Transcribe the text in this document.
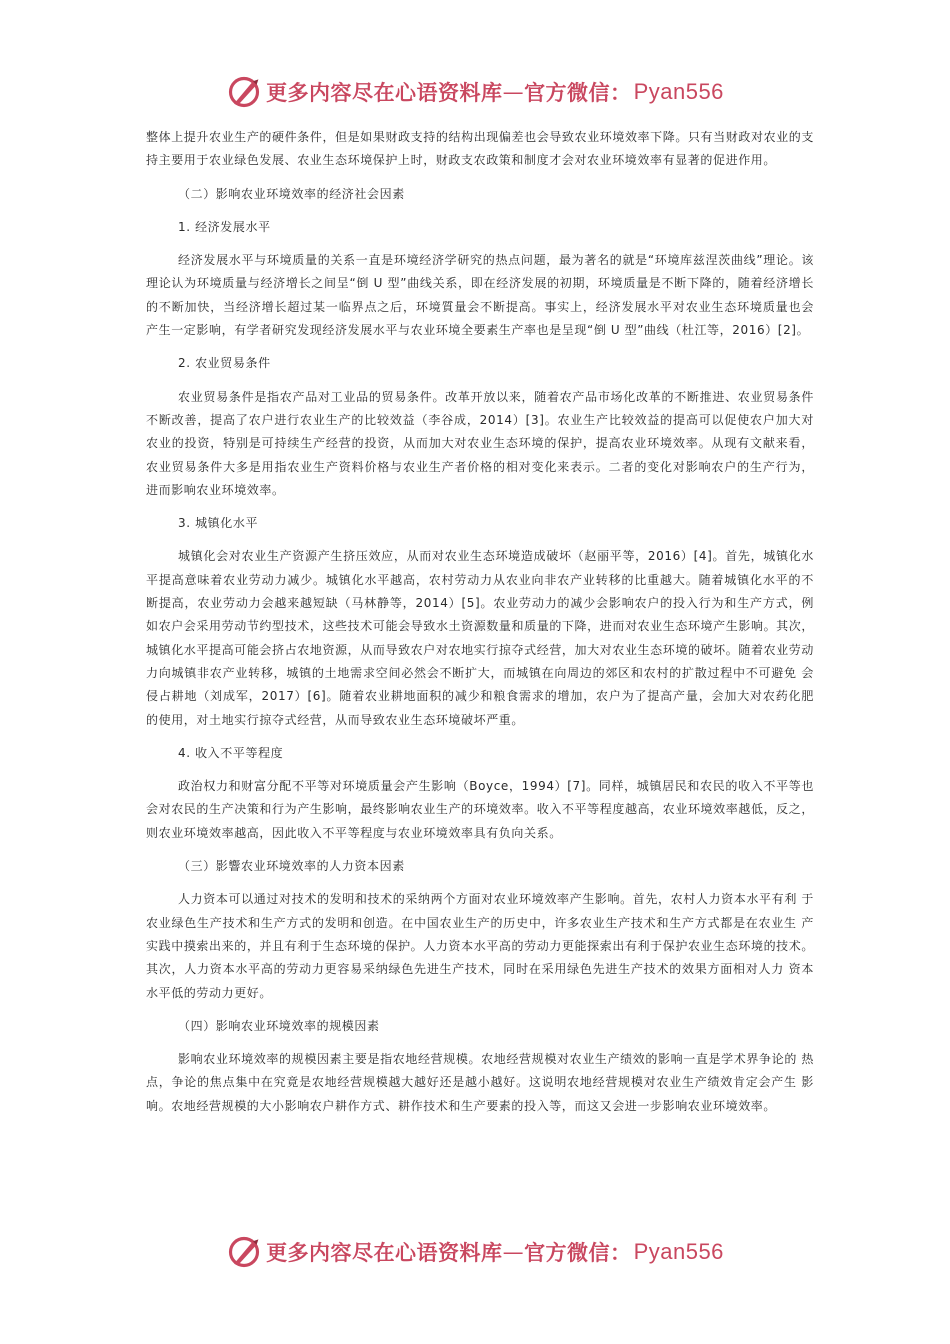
更多内容尽在心语资料库 — 官方微信： Pyan556

整体上提升农业生产的硬件条件，但是如果财政支持的结构出现偏差也会导致农业环境效率下降。只有当财政对农业的支持主要用于农业绿色发展、农业生态环境保护上时，财政支农政策和制度才会对农业环境效率有显著的促进作用。

（二）影响农业环境效率的经济社会因素

1. 经济发展水平

经济发展水平与环境质量的关系一直是环境经济学研究的热点问题，最为著名的就是“环境库兹涅茨曲线”理论。该理论认为环境质量与经济增长之间呈“倒 U 型”曲线关系，即在经济发展的初期，环境质量是不断下降的，随着经济增长的不断加快，当经济增长超过某一临界点之后，环境質量会不断提高。事实上，经济发展水平对农业生态环境质量也会 产生一定影响，有学者研究发现经济发展水平与农业环境全要素生产率也是呈现“倒 U 型”曲线（杜江等，2016）[2]。

2. 农业贸易条件

农业贸易条件是指农产品对工业品的贸易条件。改革开放以来，随着农产品市场化改革的不断推进、农业贸易条件不断改善，提高了农户进行农业生产的比较效益（李谷成，2014）[3]。农业生产比较效益的提高可以促使农户加大对农业的投资，特别是可持续生产经营的投资，从而加大对农业生态环境的保护，提高农业环境效率。从现有文献来看， 农业贸易条件大多是用指农业生产资料价格与农业生产者价格的相对变化来表示。二者的变化对影响农户的生产行为， 进而影响农业环境效率。

3. 城镇化水平

城镇化会对农业生产资源产生挤压效应，从而对农业生态环境造成破坏（赵丽平等，2016）[4]。首先，城镇化水平提高意味着农业劳动力减少。城镇化水平越高，农村劳动力从农业向非农产业转移的比重越大。随着城镇化水平的不 断提高，农业劳动力会越来越短缺（马林静等，2014）[5]。农业劳动力的减少会影响农户的投入行为和生产方式，例如农户会采用劳动节约型技术，这些技术可能会导致水土资源数量和质量的下降，进而对农业生态环境产生影响。其次， 城镇化水平提高可能会挤占农地资源，从而导致农户对农地实行掠夺式经营，加大对农业生态环境的破坏。随着农业劳动力向城镇非农产业转移，城镇的土地需求空间必然会不断扩大，而城镇在向周边的郊区和农村的扩散过程中不可避免 会侵占耕地（刘成军，2017）[6]。随着农业耕地面积的减少和粮食需求的增加，农户为了提高产量，会加大对农药化肥的使用，对土地实行掠夺式经营，从而导致农业生态环境破坏严重。

4. 收入不平等程度

政治权力和财富分配不平等对环境质量会产生影响（Boyce，1994）[7]。同样，城镇居民和农民的收入不平等也会对农民的生产决策和行为产生影响，最终影响农业生产的环境效率。收入不平等程度越高，农业环境效率越低，反之， 则农业环境效率越高，因此收入不平等程度与农业环境效率具有负向关系。

（三）影響农业环境效率的人力资本因素

人力资本可以通过对技术的发明和技术的采纳两个方面对农业环境效率产生影响。首先，农村人力资本水平有利 于农业绿色生产技术和生产方式的发明和创造。在中国农业生产的历史中，许多农业生产技术和生产方式都是在农业生 产实践中摸索出来的，并且有利于生态环境的保护。人力资本水平高的劳动力更能探索出有利于保护农业生态环境的技术。其次，人力资本水平高的劳动力更容易采纳绿色先进生产技术，同时在采用绿色先进生产技术的效果方面相对人力 资本水平低的劳动力更好。

（四）影响农业环境效率的规模因素

影响农业环境效率的规模因素主要是指农地经营规模。农地经营规模对农业生产绩效的影响一直是学术界争论的 热点，争论的焦点集中在究竟是农地经营规模越大越好还是越小越好。这说明农地经营规模对农业生产绩效肯定会产生 影响。农地经营规模的大小影响农户耕作方式、耕作技术和生产要素的投入等，而这又会进一步影响农业环境效率。

更多内容尽在心语资料库 — 官方微信： Pyan556
